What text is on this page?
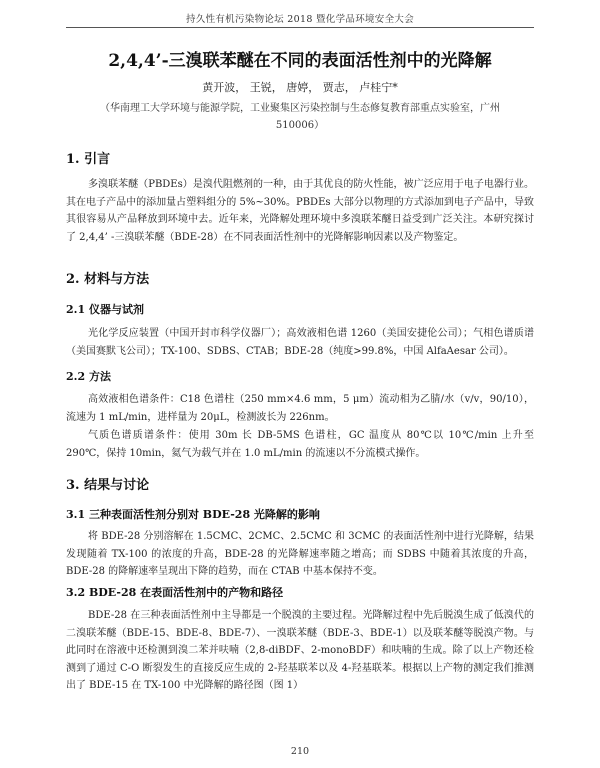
持久性有机污染物论坛 2018 暨化学品环境安全大会
2,4,4’-三溴联苯醚在不同的表面活性剂中的光降解
黄开波， 王锐， 唐婷， 贾志， 卢桂宁*
（华南理工大学环境与能源学院，工业聚集区污染控制与生态修复教育部重点实验室，广州 510006）
1. 引言

多溴联苯醚（PBDEs）是溴代阻燃剂的一种，由于其优良的防火性能，被广泛应用于电子电器行业。其在电子产品中的添加量占塑料组分的 5%~30%。PBDEs 大部分以物理的方式添加到电子产品中，导致其很容易从产品释放到环境中去。近年来，光降解处理环境中多溴联苯醚日益受到广泛关注。本研究探讨了 2,4,4’ -三溴联苯醚（BDE-28）在不同表面活性剂中的光降解影响因素以及产物鉴定。

2. 材料与方法
2.1 仪器与试剂

光化学反应装置（中国开封市科学仪器厂）；高效液相色谱 1260（美国安捷伦公司）；气相色谱质谱（美国赛默飞公司）；TX-100、SDBS、CTAB；BDE-28（纯度>99.8%，中国 AlfaAesar 公司）。

2.2 方法

高效液相色谱条件：C18 色谱柱（250 mm×4.6 mm，5 μm）流动相为乙腈/水（v/v，90/10），流速为 1 mL/min，进样量为 20μL，检测波长为 226nm。

气质色谱质谱条件：使用 30m 长 DB-5MS 色谱柱，GC 温度从 80℃以 10℃/min 上升至 290℃，保持 10min，氦气为载气并在 1.0 mL/min 的流速以不分流模式操作。

3. 结果与讨论
3.1 三种表面活性剂分别对 BDE-28 光降解的影响

将 BDE-28 分别溶解在 1.5CMC、2CMC、2.5CMC 和 3CMC 的表面活性剂中进行光降解，结果发现随着 TX-100 的浓度的升高，BDE-28 的光降解速率随之增高；而 SDBS 中随着其浓度的升高，BDE-28 的降解速率呈现出下降的趋势，而在 CTAB 中基本保持不变。

3.2 BDE-28 在表面活性剂中的产物和路径

BDE-28 在三种表面活性剂中主导都是一个脱溴的主要过程。光降解过程中先后脱溴生成了低溴代的二溴联苯醚（BDE-15、BDE-8、BDE-7）、一溴联苯醚（BDE-3、BDE-1）以及联苯醚等脱溴产物。与此同时在溶液中还检测到溴二苯并呋喃（2,8-diBDF、2-monoBDF）和呋喃的生成。除了以上产物还检测到了通过 C-O 断裂发生的直接反应生成的 2-羟基联苯以及 4-羟基联苯。根据以上产物的测定我们推测出了 BDE-15 在 TX-100 中光降解的路径图（图 1）

210
